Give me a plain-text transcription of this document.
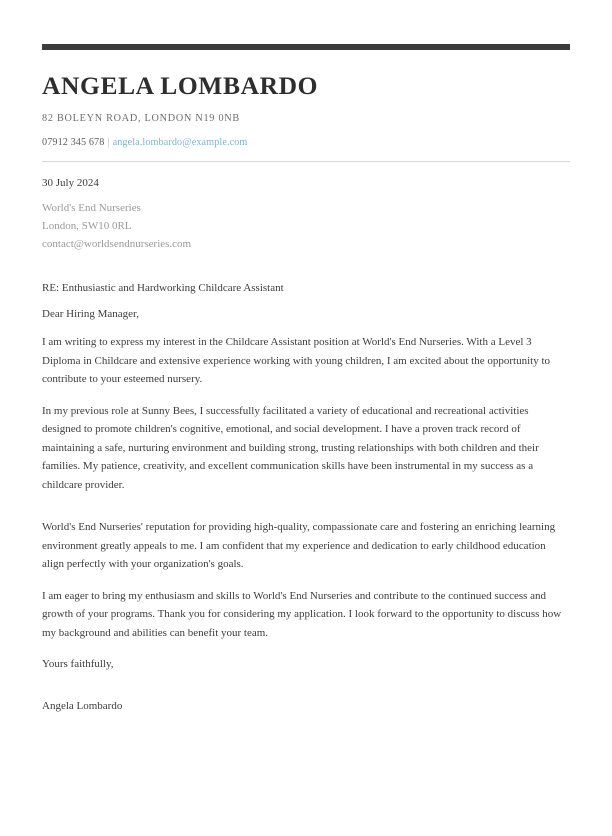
ANGELA LOMBARDO
82 BOLEYN ROAD, LONDON N19 0NB
07912 345 678 | angela.lombardo@example.com
30 July 2024
World's End Nurseries
London, SW10 0RL
contact@worldsendnurseries.com
RE: Enthusiastic and Hardworking Childcare Assistant
Dear Hiring Manager,
I am writing to express my interest in the Childcare Assistant position at World's End Nurseries. With a Level 3 Diploma in Childcare and extensive experience working with young children, I am excited about the opportunity to contribute to your esteemed nursery.
In my previous role at Sunny Bees, I successfully facilitated a variety of educational and recreational activities designed to promote children's cognitive, emotional, and social development. I have a proven track record of maintaining a safe, nurturing environment and building strong, trusting relationships with both children and their families. My patience, creativity, and excellent communication skills have been instrumental in my success as a childcare provider.
World's End Nurseries' reputation for providing high-quality, compassionate care and fostering an enriching learning environment greatly appeals to me. I am confident that my experience and dedication to early childhood education align perfectly with your organization's goals.
I am eager to bring my enthusiasm and skills to World's End Nurseries and contribute to the continued success and growth of your programs. Thank you for considering my application. I look forward to the opportunity to discuss how my background and abilities can benefit your team.
Yours faithfully,
Angela Lombardo
